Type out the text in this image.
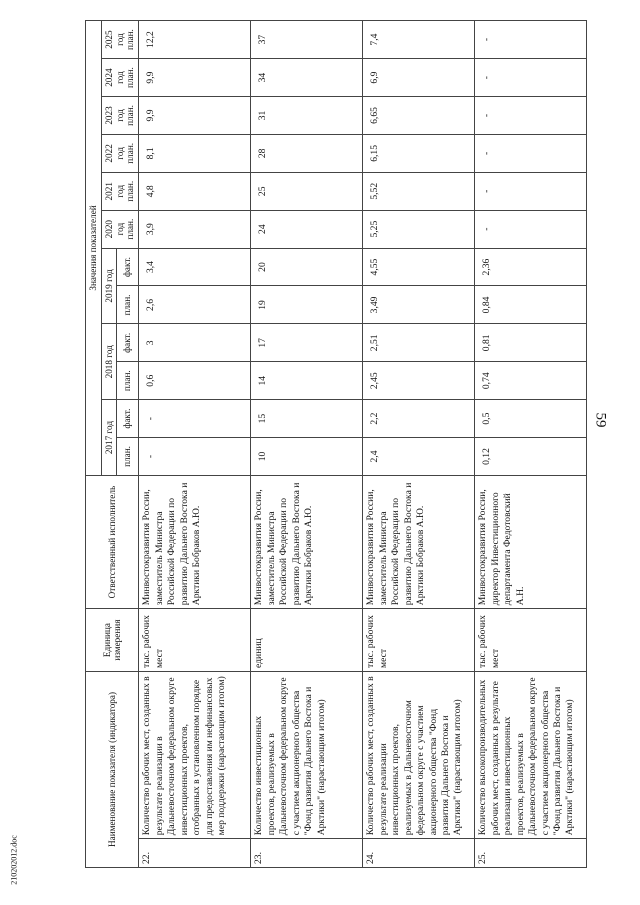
59
210202012.doc
Наименование показателя (индикатора)		Единица измерения	Ответственный исполнитель	Значения показателей											
				2017 год		2018 год		2019 год		2020 год план.	2021 год план.	2022 год план.	2023 год план.	2024 год план.	2025 год план.
				план.	факт.	план.	факт.	план.	факт.						
22.	Количество рабочих мест, созданных в результате реализации в Дальневосточном федеральном округе инвестиционных проектов, отобранных в установленном порядке для предоставления им нефинансовых мер поддержки (нарастающим итогом)	тыс. рабочих мест	Минвостокразвития России, заместитель Министра Российской Федерации по развитию Дальнего Востока и Арктики Бобраков А.Ю.	-	-	0,6	3	2,6	3,4	3,9	4,8	8,1	9,9	9,9	12,2
23.	Количество инвестиционных проектов, реализуемых в Дальневосточном федеральном округе с участием акционерного общества "Фонд развития Дальнего Востока и Арктики" (нарастающим итогом)	единиц	Минвостокразвития России, заместитель Министра Российской Федерации по развитию Дальнего Востока и Арктики Бобраков А.Ю.	10	15	14	17	19	20	24	25	28	31	34	37
24.	Количество рабочих мест, созданных в результате реализации инвестиционных проектов, реализуемых в Дальневосточном федеральном округе с участием акционерного общества "Фонд развития Дальнего Востока и Арктики" (нарастающим итогом)	тыс. рабочих мест	Минвостокразвития России, заместитель Министра Российской Федерации по развитию Дальнего Востока и Арктики Бобраков А.Ю.	2,4	2,2	2,45	2,51	3,49	4,55	5,25	5,52	6,15	6,65	6,9	7,4
25.	Количество высокопроизводительных рабочих мест, созданных в результате реализации инвестиционных проектов, реализуемых в Дальневосточном федеральном округе с участием акционерного общества "Фонд развития Дальнего Востока и Арктики" (нарастающим итогом)	тыс. рабочих мест	Минвостокразвития России, директор Инвестиционного департамента Федотовский А.Н.	0,12	0,5	0,74	0,81	0,84	2,36	-	-	-	-	-	-
